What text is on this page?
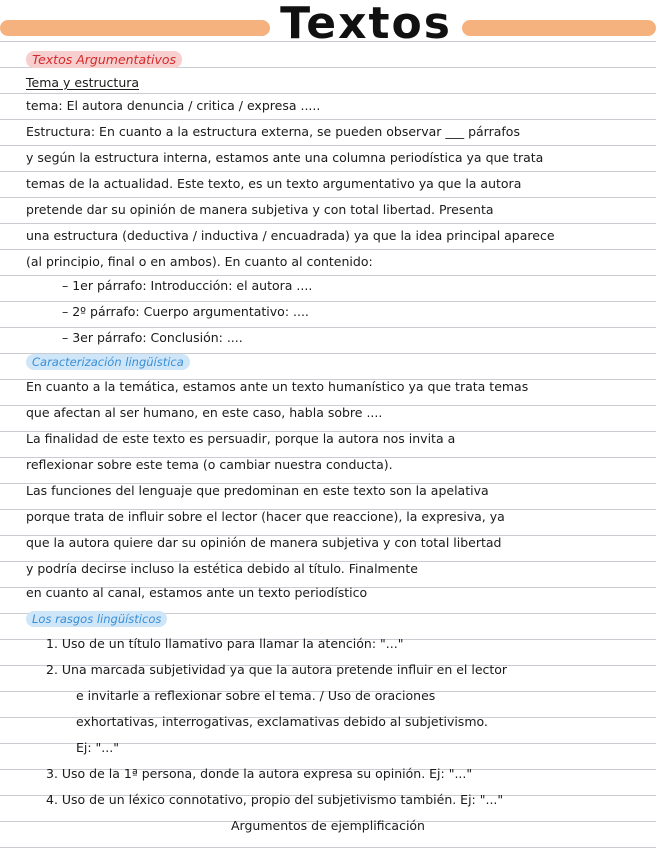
Textos
Textos Argumentativos
Tema y estructura
tema: El autora denuncia / critica / expresa .....
Estructura: En cuanto a la estructura externa, se pueden observar ___ párrafos
y según la estructura interna, estamos ante una columna periodística ya que trata
temas de la actualidad. Este texto, es un texto argumentativo ya que la autora
pretende dar su opinión de manera subjetiva y con total libertad. Presenta
una estructura (deductiva / inductiva / encuadrada) ya que la idea principal aparece
(al principio, final o en ambos). En cuanto al contenido:
– 1er párrafo: Introducción: el autora ....
– 2º párrafo: Cuerpo argumentativo: ....
– 3er párrafo: Conclusión: ....
Caracterización lingüística
En cuanto a la temática, estamos ante un texto humanístico ya que trata temas
que afectan al ser humano, en este caso, habla sobre ....
La finalidad de este texto es persuadir, porque la autora nos invita a
reflexionar sobre este tema (o cambiar nuestra conducta).
Las funciones del lenguaje que predominan en este texto son la apelativa
porque trata de influir sobre el lector (hacer que reaccione), la expresiva, ya
que la autora quiere dar su opinión de manera subjetiva y con total libertad
y podría decirse incluso la estética debido al título. Finalmente
en cuanto al canal, estamos ante un texto periodístico
Los rasgos lingüísticos
1. Uso de un título llamativo para llamar la atención: "..."
2. Una marcada subjetividad ya que la autora pretende influir en el lector
e invitarle a reflexionar sobre el tema. / Uso de oraciones
exhortativas, interrogativas, exclamativas debido al subjetivismo.
Ej: "..."
3. Uso de la 1ª persona, donde la autora expresa su opinión. Ej: "..."
4. Uso de un léxico connotativo, propio del subjetivismo también. Ej: "..."
Argumentos de ejemplificación
